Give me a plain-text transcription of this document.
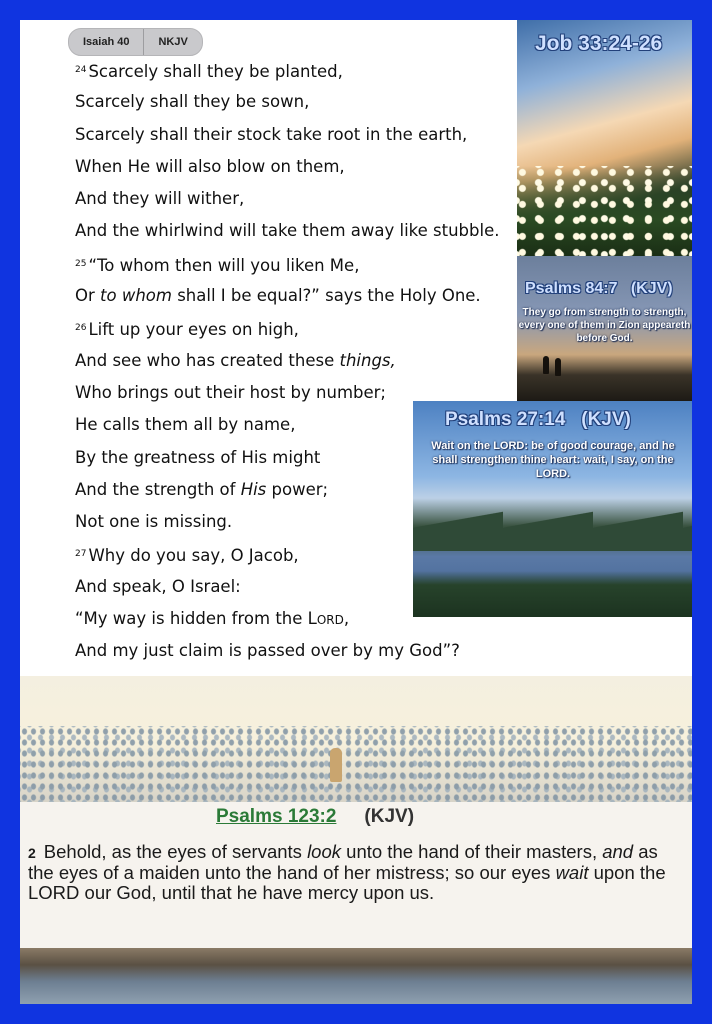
Isaiah 40	NKJV
$^{24}$ Scarcely shall they be planted,
Scarcely shall they be sown,
Scarcely shall their stock take root in the earth,
When He will also blow on them,
And they will wither,
And the whirlwind will take them away like stubble.
$^{25}$ “To whom then will you liken Me,
Or to whom shall I be equal?” says the Holy One.
$^{26}$ Lift up your eyes on high,
And see who has created these things,
Who brings out their host by number;
He calls them all by name,
By the greatness of His might
And the strength of His power;
Not one is missing.
$^{27}$ Why do you say, O Jacob,
And speak, O Israel:
“My way is hidden from the Lord,
And my just claim is passed over by my God”?
Job 33:24-26
Psalms 84:7   (KJV)
They go from strength to strength, every one of them in Zion appeareth before God.
Psalms 27:14   (KJV)
Wait on the LORD: be of good courage, and he shall strengthen thine heart: wait, I say, on the LORD.
Psalms 123:2 (KJV)
2 Behold, as the eyes of servants look unto the hand of their masters, and as the eyes of a maiden unto the hand of her mistress; so our eyes wait upon the LORD our God, until that he have mercy upon us.
